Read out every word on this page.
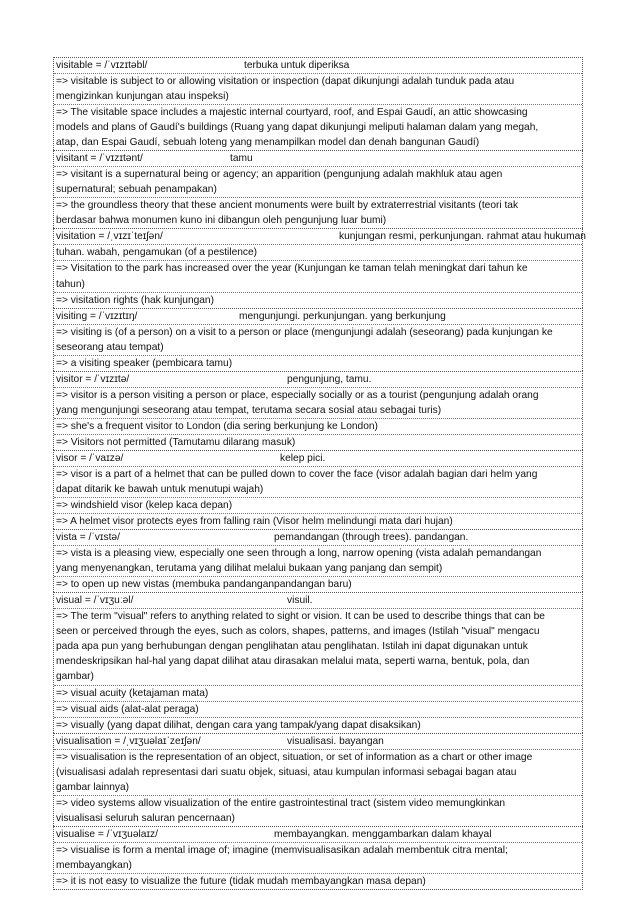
visitable = /ˈvɪzɪtəbl/	terbuka untuk diperiksa
=> visitable is subject to or allowing visitation or inspection (dapat dikunjungi adalah tunduk pada atau
mengizinkan kunjungan atau inspeksi)
=> The visitable space includes a majestic internal courtyard, roof, and Espai Gaudí, an attic showcasing
models and plans of Gaudí's buildings (Ruang yang dapat dikunjungi meliputi halaman dalam yang megah,
atap, dan Espai Gaudí, sebuah loteng yang menampilkan model dan denah bangunan Gaudí)
visitant = /ˈvɪzɪtənt/	tamu
=> visitant is a supernatural being or agency; an apparition (pengunjung adalah makhluk atau agen
supernatural; sebuah penampakan)
=> the groundless theory that these ancient monuments were built by extraterrestrial visitants (teori tak
berdasar bahwa monumen kuno ini dibangun oleh pengunjung luar bumi)
visitation = /ˌvɪzɪˈteɪʃən/	kunjungan resmi, perkunjungan. rahmat atau hukuman
tuhan. wabah, pengamukan (of a pestilence)
=> Visitation to the park has increased over the year (Kunjungan ke taman telah meningkat dari tahun ke
tahun)
=> visitation rights (hak kunjungan)
visiting = /ˈvɪzɪtɪŋ/	mengunjungi. perkunjungan. yang berkunjung
=> visiting is (of a person) on a visit to a person or place (mengunjungi adalah (seseorang) pada kunjungan ke
seseorang atau tempat)
=> a visiting speaker (pembicara tamu)
visitor = /ˈvɪzɪtə/	pengunjung, tamu.
=> visitor is a person visiting a person or place, especially socially or as a tourist (pengunjung adalah orang
yang mengunjungi seseorang atau tempat, terutama secara sosial atau sebagai turis)
=> she's a frequent visitor to London (dia sering berkunjung ke London)
=> Visitors not permitted (Tamutamu dilarang masuk)
visor = /ˈvaɪzə/	kelep pici.
=> visor is a part of a helmet that can be pulled down to cover the face (visor adalah bagian dari helm yang
dapat ditarik ke bawah untuk menutupi wajah)
=> windshield visor (kelep kaca depan)
=> A helmet visor protects eyes from falling rain (Visor helm melindungi mata dari hujan)
vista = /ˈvɪstə/	pemandangan (through trees). pandangan.
=> vista is a pleasing view, especially one seen through a long, narrow opening (vista adalah pemandangan
yang menyenangkan, terutama yang dilihat melalui bukaan yang panjang dan sempit)
=> to open up new vistas (membuka pandanganpandangan baru)
visual = /ˈvɪʒuːəl/	visuil.
=> The term "visual" refers to anything related to sight or vision. It can be used to describe things that can be
seen or perceived through the eyes, such as colors, shapes, patterns, and images (Istilah "visual" mengacu
pada apa pun yang berhubungan dengan penglihatan atau penglihatan. Istilah ini dapat digunakan untuk
mendeskripsikan hal-hal yang dapat dilihat atau dirasakan melalui mata, seperti warna, bentuk, pola, dan
gambar)
=> visual acuity (ketajaman mata)
=> visual aids (alat-alat peraga)
=> visually (yang dapat dilihat, dengan cara yang tampak/yang dapat disaksikan)
visualisation = /ˌvɪʒuəlaɪˈzeɪʃən/	visualisasi. bayangan
=> visualisation is the representation of an object, situation, or set of information as a chart or other image
(visualisasi adalah representasi dari suatu objek, situasi, atau kumpulan informasi sebagai bagan atau
gambar lainnya)
=> video systems allow visualization of the entire gastrointestinal tract (sistem video memungkinkan
visualisasi seluruh saluran pencernaan)
visualise = /ˈvɪʒuəlaɪz/	membayangkan. menggambarkan dalam khayal
=> visualise is form a mental image of; imagine (memvisualisasikan adalah membentuk citra mental;
membayangkan)
=> it is not easy to visualize the future (tidak mudah membayangkan masa depan)
